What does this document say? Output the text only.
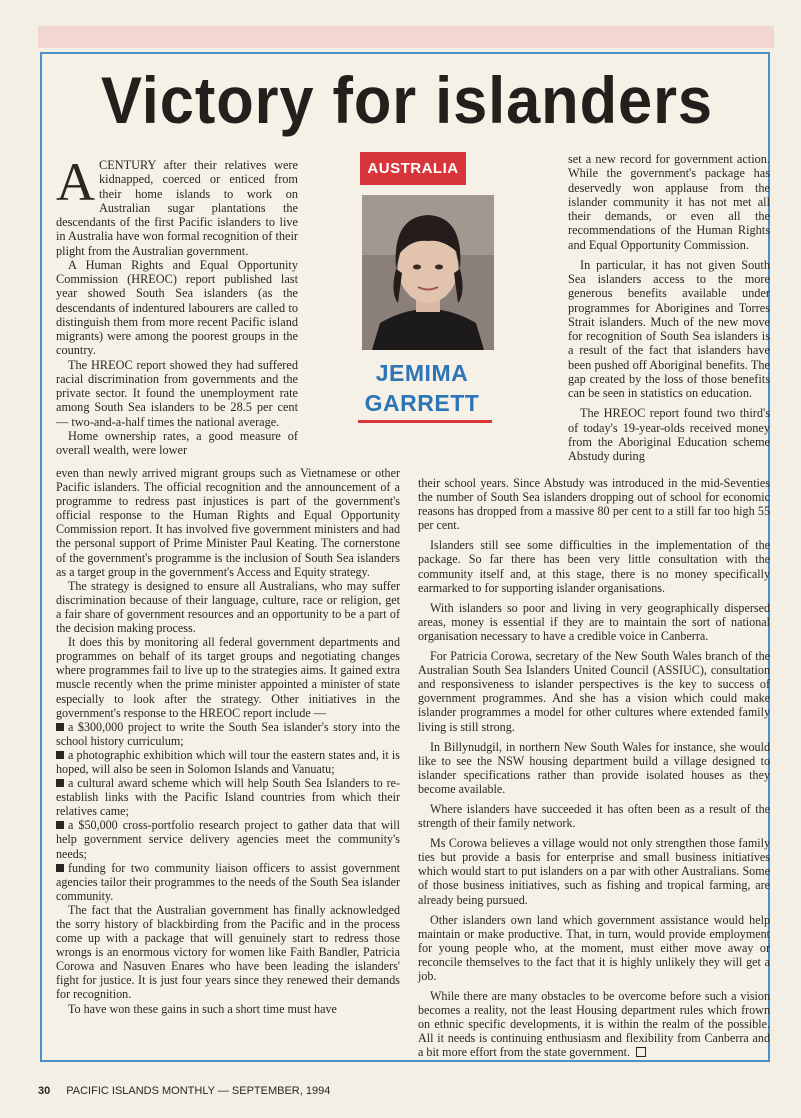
Victory for islanders

ACENTURY after their relatives were kidnapped, coerced or enticed from their home islands to work on Australian sugar plantations the descendants of the first Pacific islanders to live in Australia have won formal recognition of their plight from the Australian government.

A Human Rights and Equal Opportunity Commission (HREOC) report published last year showed South Sea islanders (as the descendants of indentured labourers are called to distinguish them from more recent Pacific island migrants) were among the poorest groups in the country.

The HREOC report showed they had suffered racial discrimination from governments and the private sector. It found the unemployment rate among South Sea islanders to be 28.5 per cent — two-and-a-half times the national average.

Home ownership rates, a good measure of overall wealth, were lower

AUSTRALIA
JEMIMA
GARRETT

set a new record for government action. While the government's package has deservedly won applause from the islander community it has not met all their demands, or even all the recommendations of the Human Rights and Equal Opportunity Commission.

In particular, it has not given South Sea islanders access to the more generous benefits available under programmes for Aborigines and Torres Strait islanders. Much of the new move for recognition of South Sea islanders is a result of the fact that islanders have been pushed off Aboriginal benefits. The gap created by the loss of those benefits can be seen in statistics on education.

The HREOC report found two third's of today's 19-year-olds received money from the Aboriginal Education scheme Abstudy during

even than newly arrived migrant groups such as Vietnamese or other Pacific islanders. The official recognition and the announcement of a programme to redress past injustices is part of the government's official response to the Human Rights and Equal Opportunity Commission report. It has involved five government ministers and had the personal support of Prime Minister Paul Keating. The cornerstone of the government's programme is the inclusion of South Sea islanders as a target group in the government's Access and Equity strategy.

The strategy is designed to ensure all Australians, who may suffer discrimination because of their language, culture, race or religion, get a fair share of government resources and an opportunity to be a part of the decision making process.

It does this by monitoring all federal government departments and programmes on behalf of its target groups and negotiating changes where programmes fail to live up to the strategies aims. It gained extra muscle recently when the prime minister appointed a minister of state especially to look after the strategy. Other initiatives in the government's response to the HREOC report include —

a $300,000 project to write the South Sea islander's story into the school history curriculum;

a photographic exhibition which will tour the eastern states and, it is hoped, will also be seen in Solomon Islands and Vanuatu;

a cultural award scheme which will help South Sea Islanders to re-establish links with the Pacific Island countries from which their relatives came;

a $50,000 cross-portfolio research project to gather data that will help government service delivery agencies meet the community's needs;

funding for two community liaison officers to assist government agencies tailor their programmes to the needs of the South Sea islander community.

The fact that the Australian government has finally acknowledged the sorry history of blackbirding from the Pacific and in the process come up with a package that will genuinely start to redress those wrongs is an enormous victory for women like Faith Bandler, Patricia Corowa and Nasuven Enares who have been leading the islanders' fight for justice. It is just four years since they renewed their demands for recognition.

To have won these gains in such a short time must have

their school years. Since Abstudy was introduced in the mid-Seventies the number of South Sea islanders dropping out of school for economic reasons has dropped from a massive 80 per cent to a still far too high 55 per cent.

Islanders still see some difficulties in the implementation of the package. So far there has been very little consultation with the community itself and, at this stage, there is no money specifically earmarked to for supporting islander organisations.

With islanders so poor and living in very geographically dispersed areas, money is essential if they are to maintain the sort of national organisation necessary to have a credible voice in Canberra.

For Patricia Corowa, secretary of the New South Wales branch of the Australian South Sea Islanders United Council (ASSIUC), consultation and responsiveness to islander perspectives is the key to success of government programmes. And she has a vision which could make islander programmes a model for other cultures where extended family living is still strong.

In Billynudgil, in northern New South Wales for instance, she would like to see the NSW housing department build a village designed to islander specifications rather than provide isolated houses as they become available.

Where islanders have succeeded it has often been as a result of the strength of their family network.

Ms Corowa believes a village would not only strengthen those family ties but provide a basis for enterprise and small business initiatives which would start to put islanders on a par with other Australians. Some of those business initiatives, such as fishing and tropical farming, are already being pursued.

Other islanders own land which government assistance would help maintain or make productive. That, in turn, would provide employment for young people who, at the moment, must either move away or reconcile themselves to the fact that it is highly unlikely they will get a job.

While there are many obstacles to be overcome before such a vision becomes a reality, not the least Housing department rules which frown on ethnic specific developments, it is within the realm of the possible. All it needs is continuing enthusiasm and flexibility from Canberra and a bit more effort from the state government.

30 PACIFIC ISLANDS MONTHLY — SEPTEMBER, 1994
